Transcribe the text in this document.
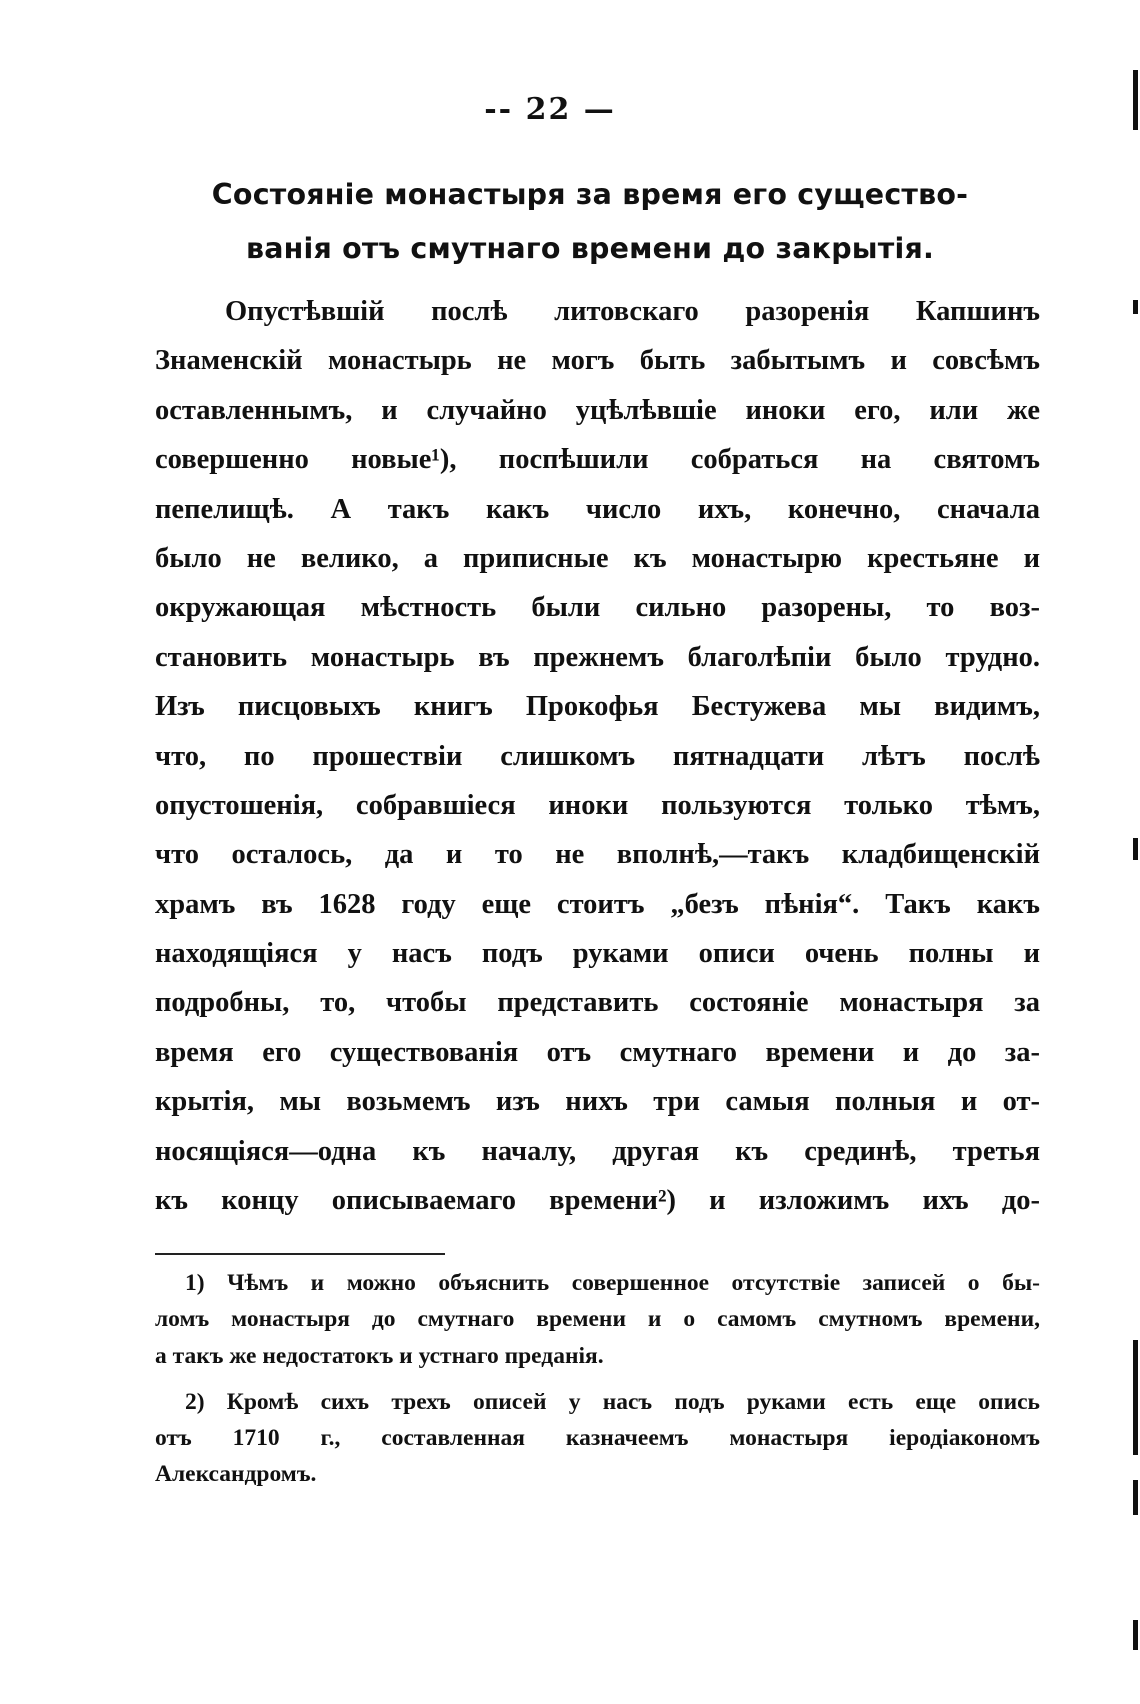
-- 22 —
Состоянiе монастыря за время его существо-
ванiя отъ смутнаго времени до закрытiя.
Опустѣвшiй послѣ литовскаго разоренiя Капшинъ
Знаменскiй монастырь не могъ быть забытымъ и совсѣмъ
оставленнымъ, и случайно уцѣлѣвшiе иноки его, или же
совершенно новые¹), поспѣшили собраться на святомъ
пепелищѣ. А такъ какъ число ихъ, конечно, сначала
было не велико, а приписные къ монастырю крестьяне и
окружающая мѣстность были сильно разорены, то воз-
становить монастырь въ прежнемъ благолѣпiи было трудно.
Изъ писцовыхъ книгъ Прокофья Бестужева мы видимъ,
что, по прошествiи слишкомъ пятнадцати лѣтъ послѣ
опустошенiя, собравшiеся иноки пользуются только тѣмъ,
что осталось, да и то не вполнѣ,—такъ кладбищенскiй
храмъ въ 1628 году еще стоитъ „безъ пѣнiя“. Такъ какъ
находящiяся у насъ подъ руками описи очень полны и
подробны, то, чтобы представить состоянiе монастыря за
время его существованiя отъ смутнаго времени и до за-
крытiя, мы возьмемъ изъ нихъ три самыя полныя и от-
носящiяся—одна къ началу, другая къ срединѣ, третья
къ концу описываемаго времени²) и изложимъ ихъ до-
1) Чѣмъ и можно объяснить совершенное отсутствiе записей о бы-
ломъ монастыря до смутнаго времени и о самомъ смутномъ времени,
а такъ же недостатокъ и устнаго преданiя.
2) Кромѣ сихъ трехъ описей у насъ подъ руками есть еще опись
отъ 1710 г., составленная казначеемъ монастыря iеродiакономъ
Александромъ.
